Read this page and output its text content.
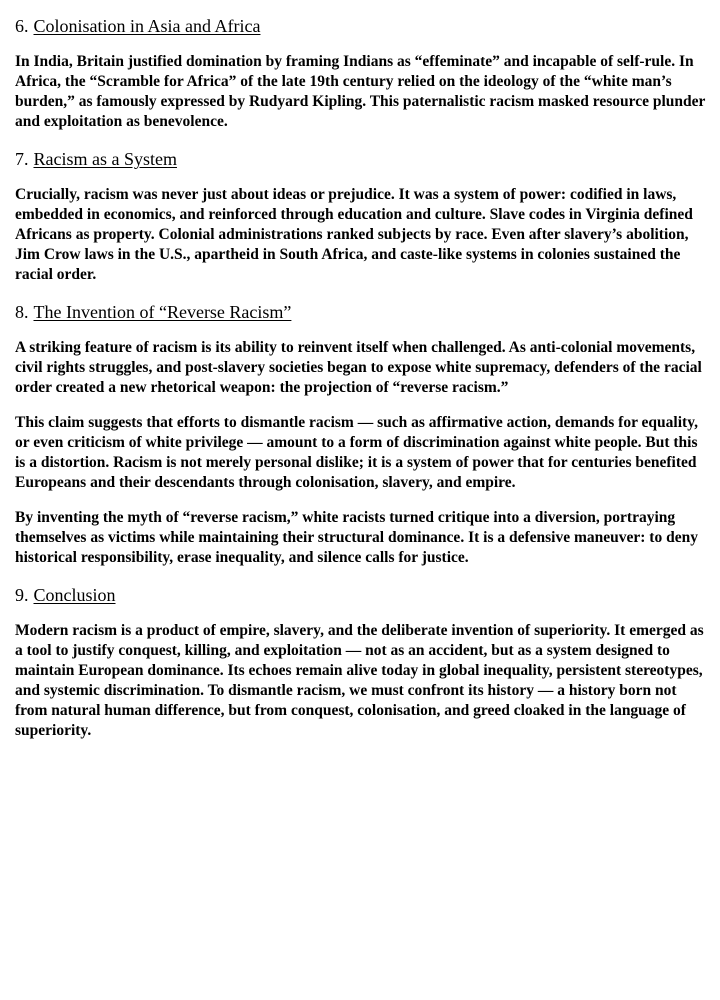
6. Colonisation in Asia and Africa

In India, Britain justified domination by framing Indians as “effeminate” and incapable of self-rule. In Africa, the “Scramble for Africa” of the late 19th century relied on the ideology of the “white man’s burden,” as famously expressed by Rudyard Kipling. This paternalistic racism masked resource plunder and exploitation as benevolence.

7. Racism as a System

Crucially, racism was never just about ideas or prejudice. It was a system of power: codified in laws, embedded in economics, and reinforced through education and culture. Slave codes in Virginia defined Africans as property. Colonial administrations ranked subjects by race. Even after slavery’s abolition, Jim Crow laws in the U.S., apartheid in South Africa, and caste-like systems in colonies sustained the racial order.

8. The Invention of “Reverse Racism”

A striking feature of racism is its ability to reinvent itself when challenged. As anti-colonial movements, civil rights struggles, and post-slavery societies began to expose white supremacy, defenders of the racial order created a new rhetorical weapon: the projection of “reverse racism.”

This claim suggests that efforts to dismantle racism — such as affirmative action, demands for equality, or even criticism of white privilege — amount to a form of discrimination against white people. But this is a distortion. Racism is not merely personal dislike; it is a system of power that for centuries benefited Europeans and their descendants through colonisation, slavery, and empire.

By inventing the myth of “reverse racism,” white racists turned critique into a diversion, portraying themselves as victims while maintaining their structural dominance. It is a defensive maneuver: to deny historical responsibility, erase inequality, and silence calls for justice.

9. Conclusion

Modern racism is a product of empire, slavery, and the deliberate invention of superiority. It emerged as a tool to justify conquest, killing, and exploitation — not as an accident, but as a system designed to maintain European dominance. Its echoes remain alive today in global inequality, persistent stereotypes, and systemic discrimination. To dismantle racism, we must confront its history — a history born not from natural human difference, but from conquest, colonisation, and greed cloaked in the language of superiority.
